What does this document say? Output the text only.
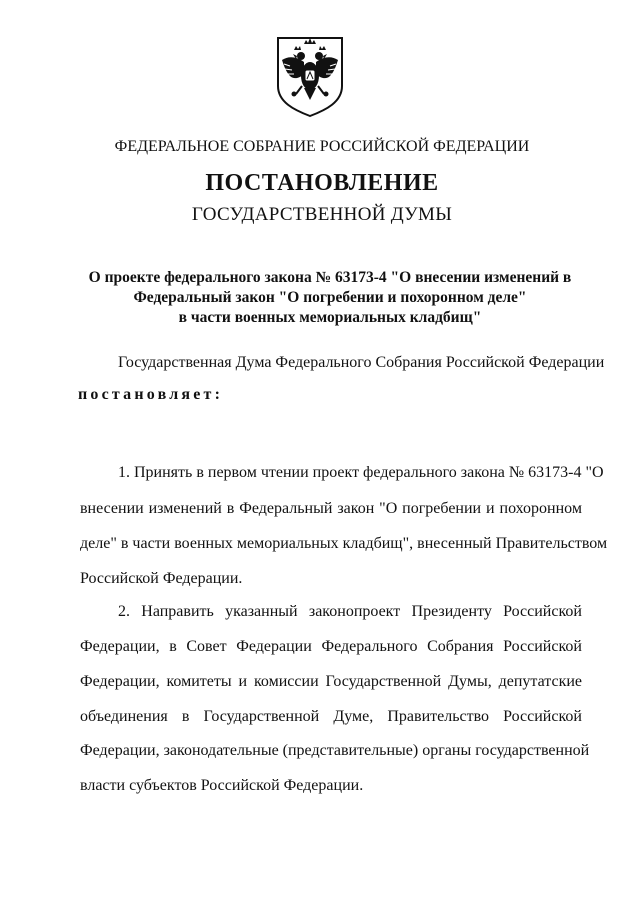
ФЕДЕРАЛЬНОЕ СОБРАНИЕ РОССИЙСКОЙ ФЕДЕРАЦИИ
ПОСТАНОВЛЕНИЕ
ГОСУДАРСТВЕННОЙ ДУМЫ
О проекте федерального закона № 63173-4 "О внесении изменений в
Федеральный закон "О погребении и похоронном деле"
в части военных мемориальных кладбищ"
Государственная Дума Федерального Собрания Российской Федерации
постановляет:
1. Принять в первом чтении проект федерального закона № 63173-4 "О
внесении изменений в Федеральный закон "О погребении и похоронном
деле" в части военных мемориальных кладбищ", внесенный Правительством
Российской Федерации.
2. Направить указанный законопроект Президенту Российской
Федерации, в Совет Федерации Федерального Собрания Российской
Федерации, комитеты и комиссии Государственной Думы, депутатские
объединения в Государственной Думе, Правительство Российской
Федерации, законодательные (представительные) органы государственной
власти субъектов Российской Федерации.
